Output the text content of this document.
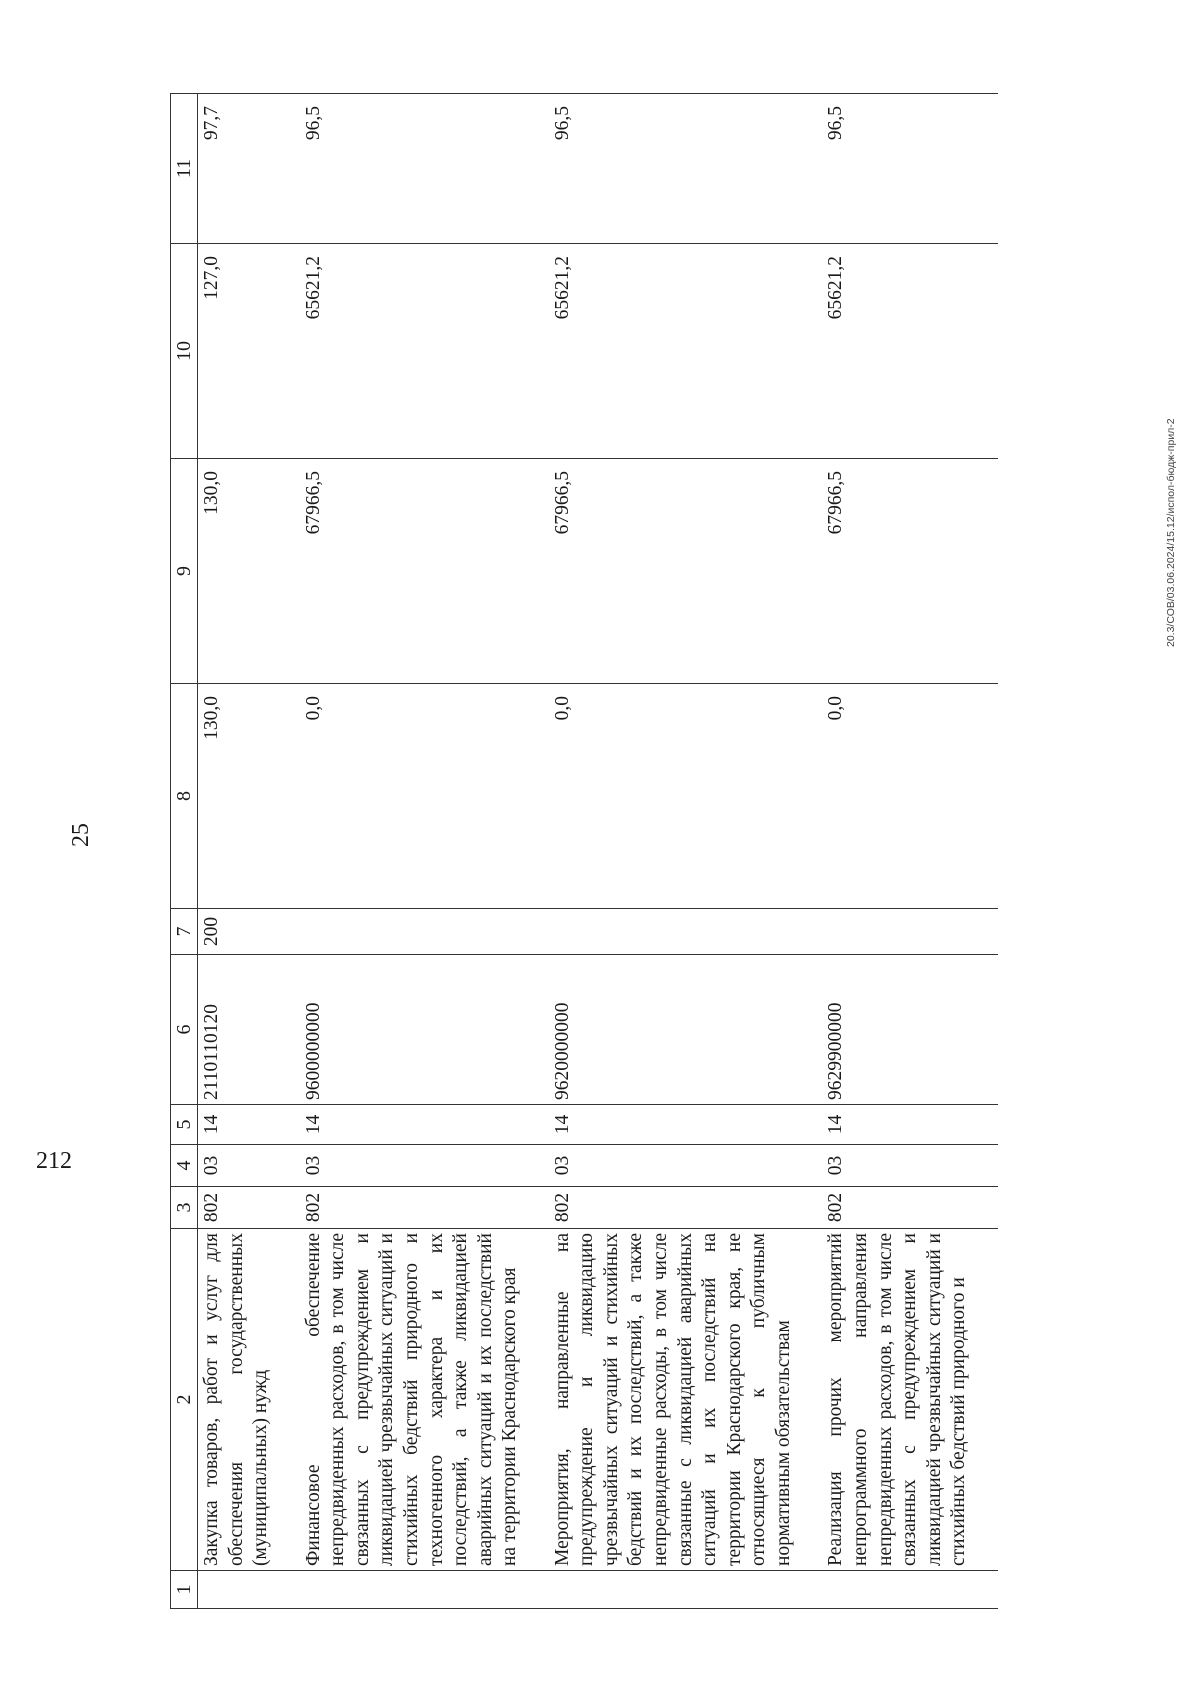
25
1	2	3	4	5	6	7	8	9	10	11
	Закупка товаров, работ и услуг для обеспечения государственных (муниципальных) нужд	802	03	14	2110110120	200	130,0	130,0	127,0	97,7
	Финансовое обеспечение непредвиденных расходов, в том числе связанных с предупреждением и ликвидацией чрезвычайных ситуаций и стихийных бедствий природного и техногенного характера и их последствий, а также ликвидацией аварийных ситуаций и их последствий на территории Краснодарского края	802	03	14	9600000000		0,0	67966,5	65621,2	96,5
	Мероприятия, направленные на предупреждение и ликвидацию чрезвычайных ситуаций и стихийных бедствий и их последствий, а также непредвиденные расходы, в том числе связанные с ликвидацией аварийных ситуаций и их последствий на территории Краснодарского края, не относящиеся к публичным нормативным обязательствам	802	03	14	9620000000		0,0	67966,5	65621,2	96,5
	Реализация прочих мероприятий непрограммного направления непредвиденных расходов, в том числе связанных с предупреждением и ликвидацией чрезвычайных ситуаций и стихийных бедствий природного и	802	03	14	9629900000		0,0	67966,5	65621,2	96,5
20.3/СОВ/03.06.2024/15.12/испол-бюдж-прил-2
212
